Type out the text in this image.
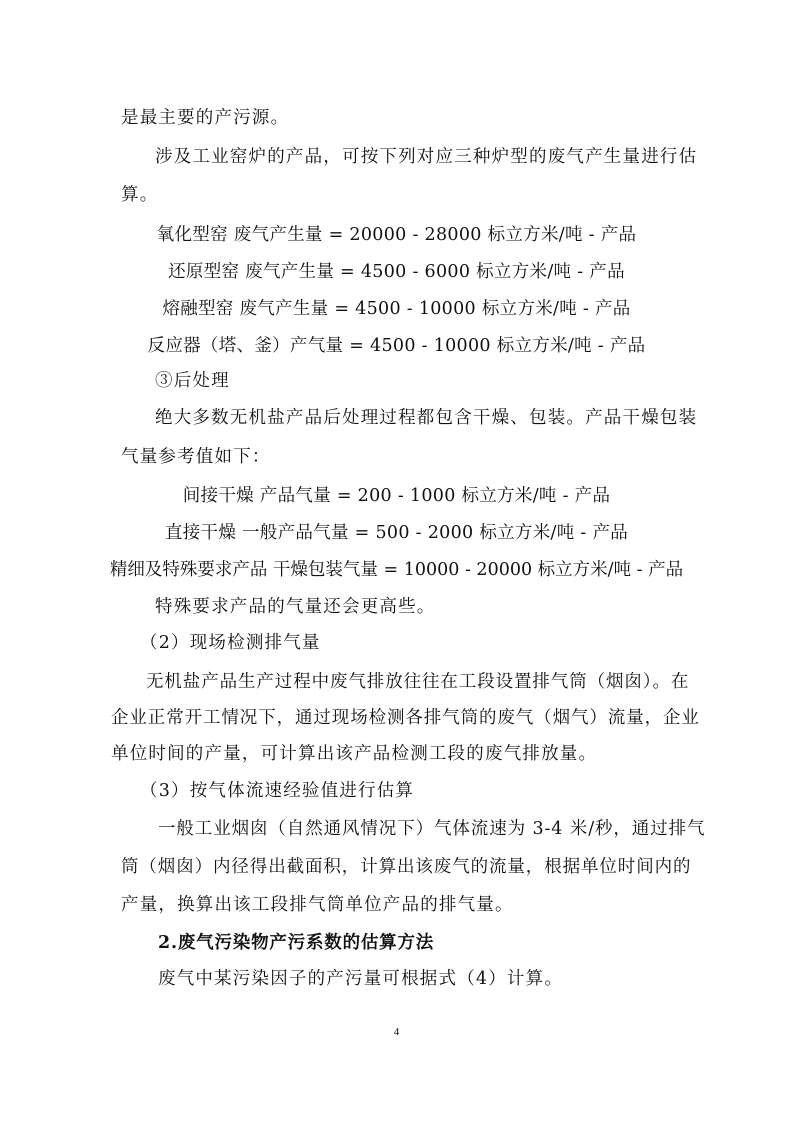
是最主要的产污源。
涉及工业窑炉的产品，可按下列对应三种炉型的废气产生量进行估
算。
氧化型窑 废气产生量 = 20000 - 28000 标立方米/吨 - 产品
还原型窑 废气产生量 = 4500 - 6000 标立方米/吨 - 产品
熔融型窑 废气产生量 = 4500 - 10000 标立方米/吨 - 产品
反应器（塔、釜）产气量 = 4500 - 10000 标立方米/吨 - 产品
③后处理
绝大多数无机盐产品后处理过程都包含干燥、包装。产品干燥包装
气量参考值如下：
间接干燥 产品气量 = 200 - 1000 标立方米/吨 - 产品
直接干燥 一般产品气量 = 500 - 2000 标立方米/吨 - 产品
精细及特殊要求产品 干燥包装气量 = 10000 - 20000 标立方米/吨 - 产品
特殊要求产品的气量还会更高些。
（2）现场检测排气量
无机盐产品生产过程中废气排放往往在工段设置排气筒（烟囱）。在
企业正常开工情况下，通过现场检测各排气筒的废气（烟气）流量，企业
单位时间的产量，可计算出该产品检测工段的废气排放量。
（3）按气体流速经验值进行估算
一般工业烟囱（自然通风情况下）气体流速为 3-4 米/秒，通过排气
筒（烟囱）内径得出截面积，计算出该废气的流量，根据单位时间内的
产量，换算出该工段排气筒单位产品的排气量。
2.废气污染物产污系数的估算方法
废气中某污染因子的产污量可根据式（4）计算。
4
